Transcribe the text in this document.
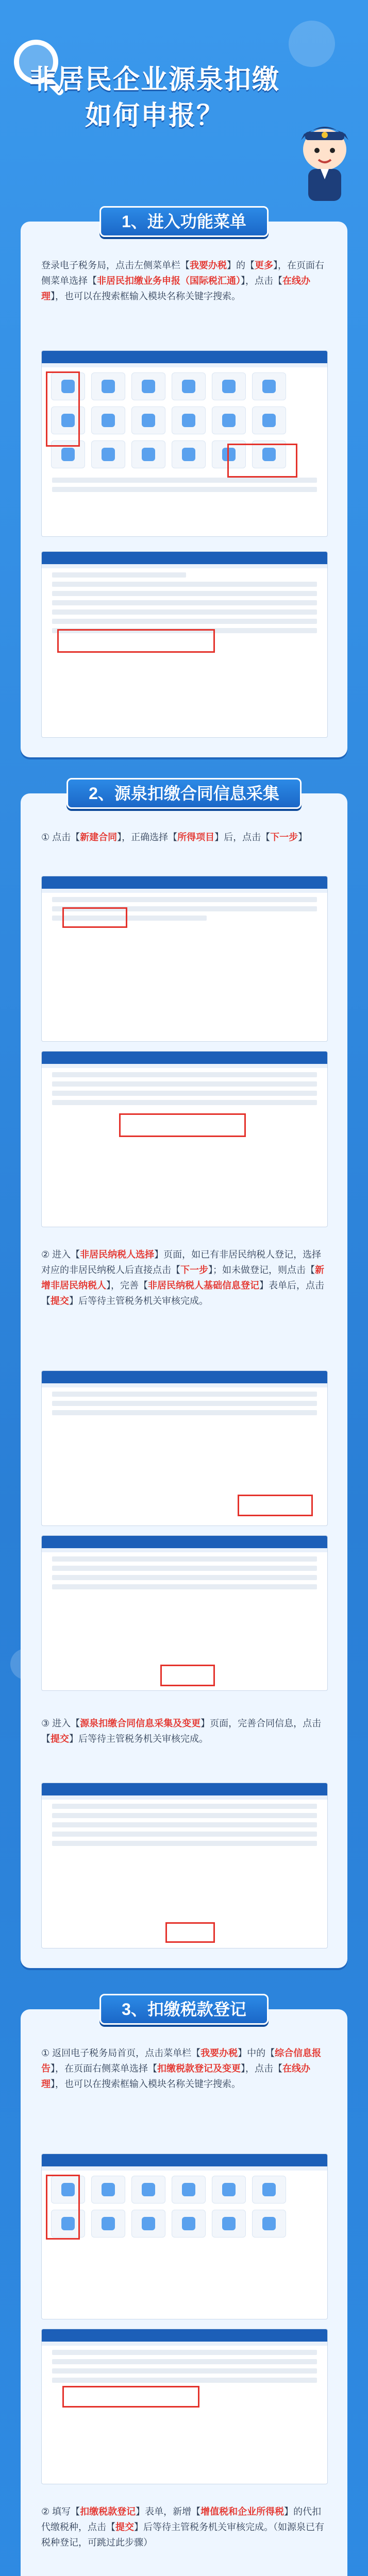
非居民企业源泉扣缴
如何申报？
1、进入功能菜单
登录电子税务局，点击左侧菜单栏【我要办税】的【更多】，在页面右侧菜单选择【非居民扣缴业务申报（国际税汇通）】，点击【在线办理】，也可以在搜索框输入模块名称关键字搜索。
2、源泉扣缴合同信息采集
① 点击【新建合同】，正确选择【所得项目】后，点击【下一步】
② 进入【非居民纳税人选择】页面，如已有非居民纳税人登记，选择对应的非居民纳税人后直接点击【下一步】；如未做登记，则点击【新增非居民纳税人】，完善【非居民纳税人基础信息登记】表单后，点击【提交】后等待主管税务机关审核完成。
③ 进入【源泉扣缴合同信息采集及变更】页面，完善合同信息，点击【提交】后等待主管税务机关审核完成。
3、扣缴税款登记
① 返回电子税务局首页，点击菜单栏【我要办税】中的【综合信息报告】，在页面右侧菜单选择【扣缴税款登记及变更】，点击【在线办理】，也可以在搜索框输入模块名称关键字搜索。
② 填写【扣缴税款登记】表单，新增【增值税和企业所得税】的代扣代缴税种，点击【提交】后等待主管税务机关审核完成。（如源泉已有税种登记，可跳过此步骤）
